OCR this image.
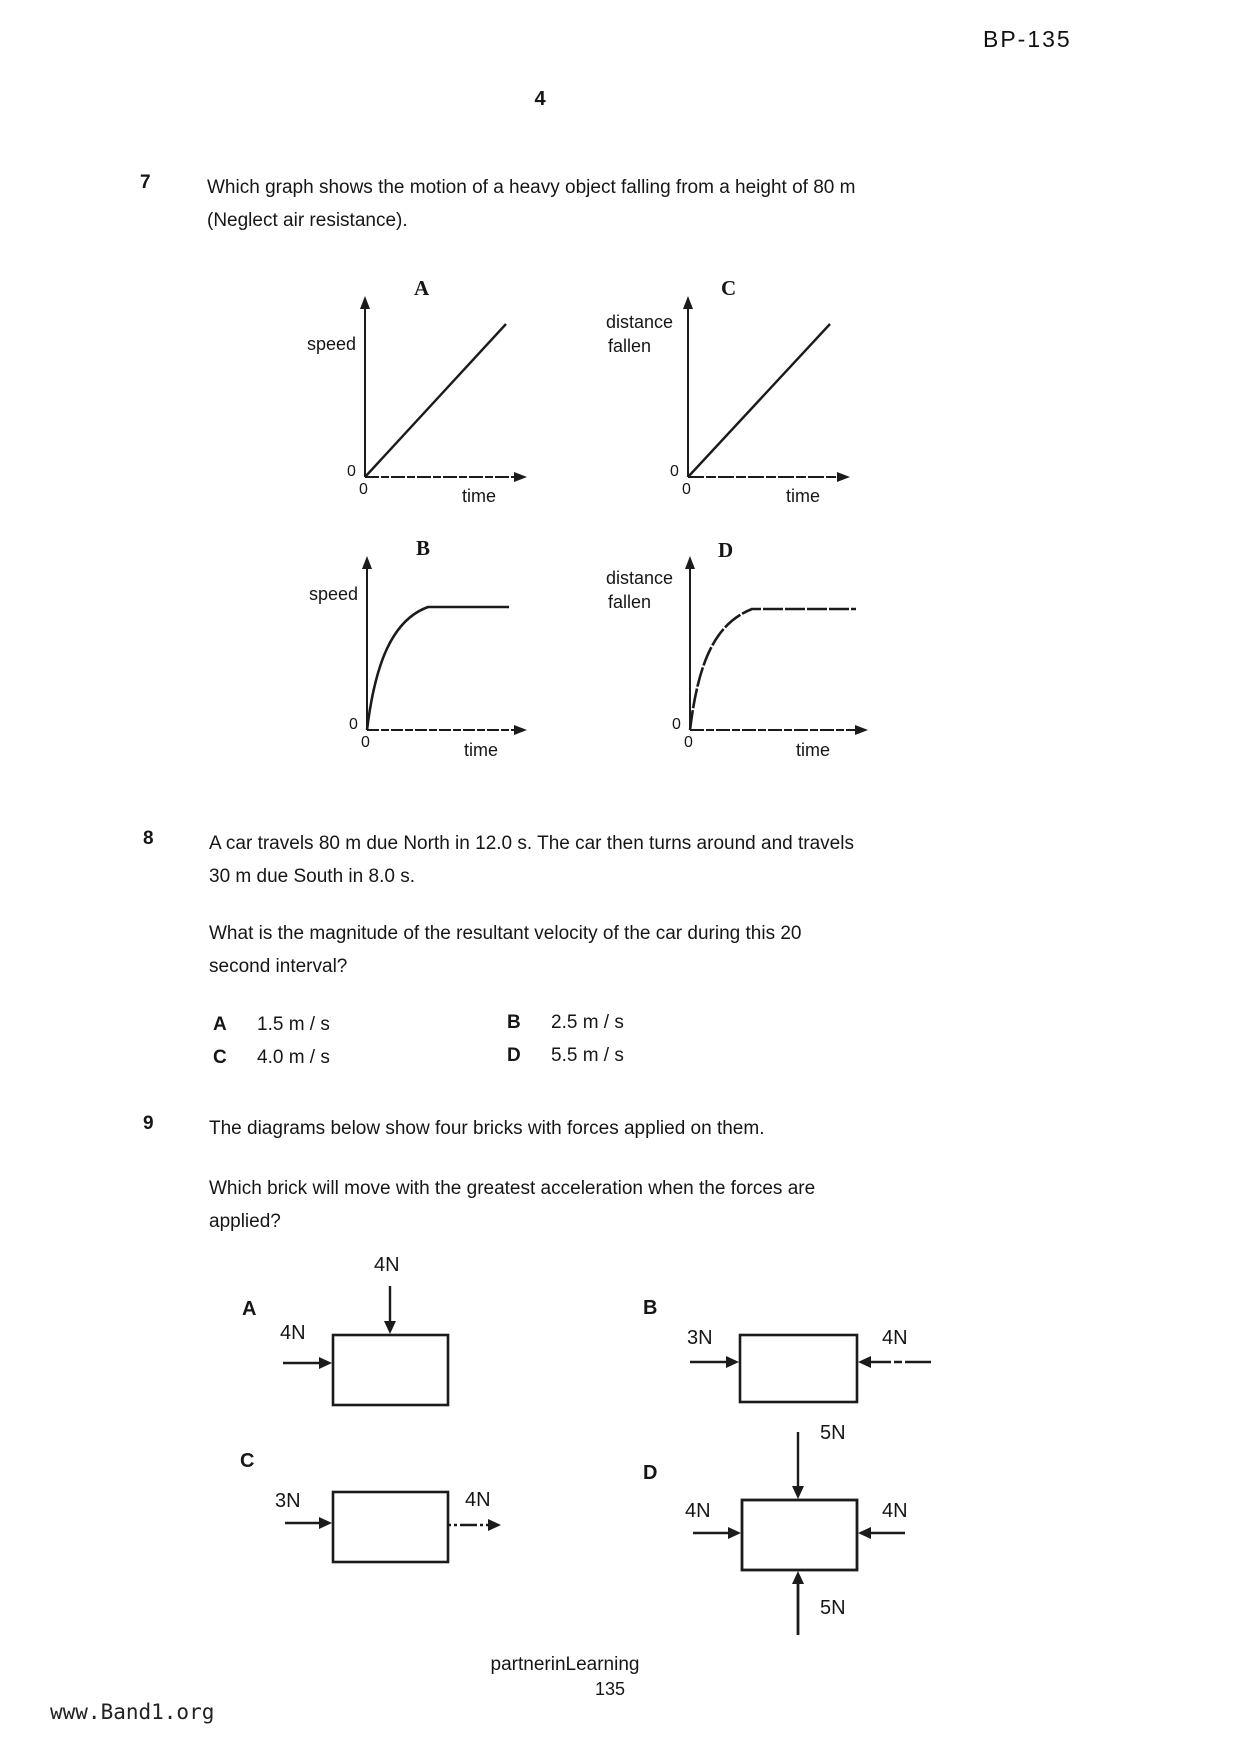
BP-135
4
7	Which graph shows the motion of a heavy object falling from a height of 80 m
(Neglect air resistance).
A
speed
0
0	time
C
distance
fallen
0
0	time
B
speed
0
0	time
D
distance
fallen
0
0	time
8	A car travels 80 m due North in 12.0 s. The car then turns around and travels
30 m due South in 8.0 s.
What is the magnitude of the resultant velocity of the car during this 20
second interval?
A 1.5 m / s	B 2.5 m / s
C 4.0 m / s	D 5.5 m / s
9	The diagrams below show four bricks with forces applied on them.
Which brick will move with the greatest acceleration when the forces are
applied?
A
4N
4N
B
3N	4N
C
3N	4N
D
5N
4N	4N
5N
partnerinLearning
135
www.Band1.org
